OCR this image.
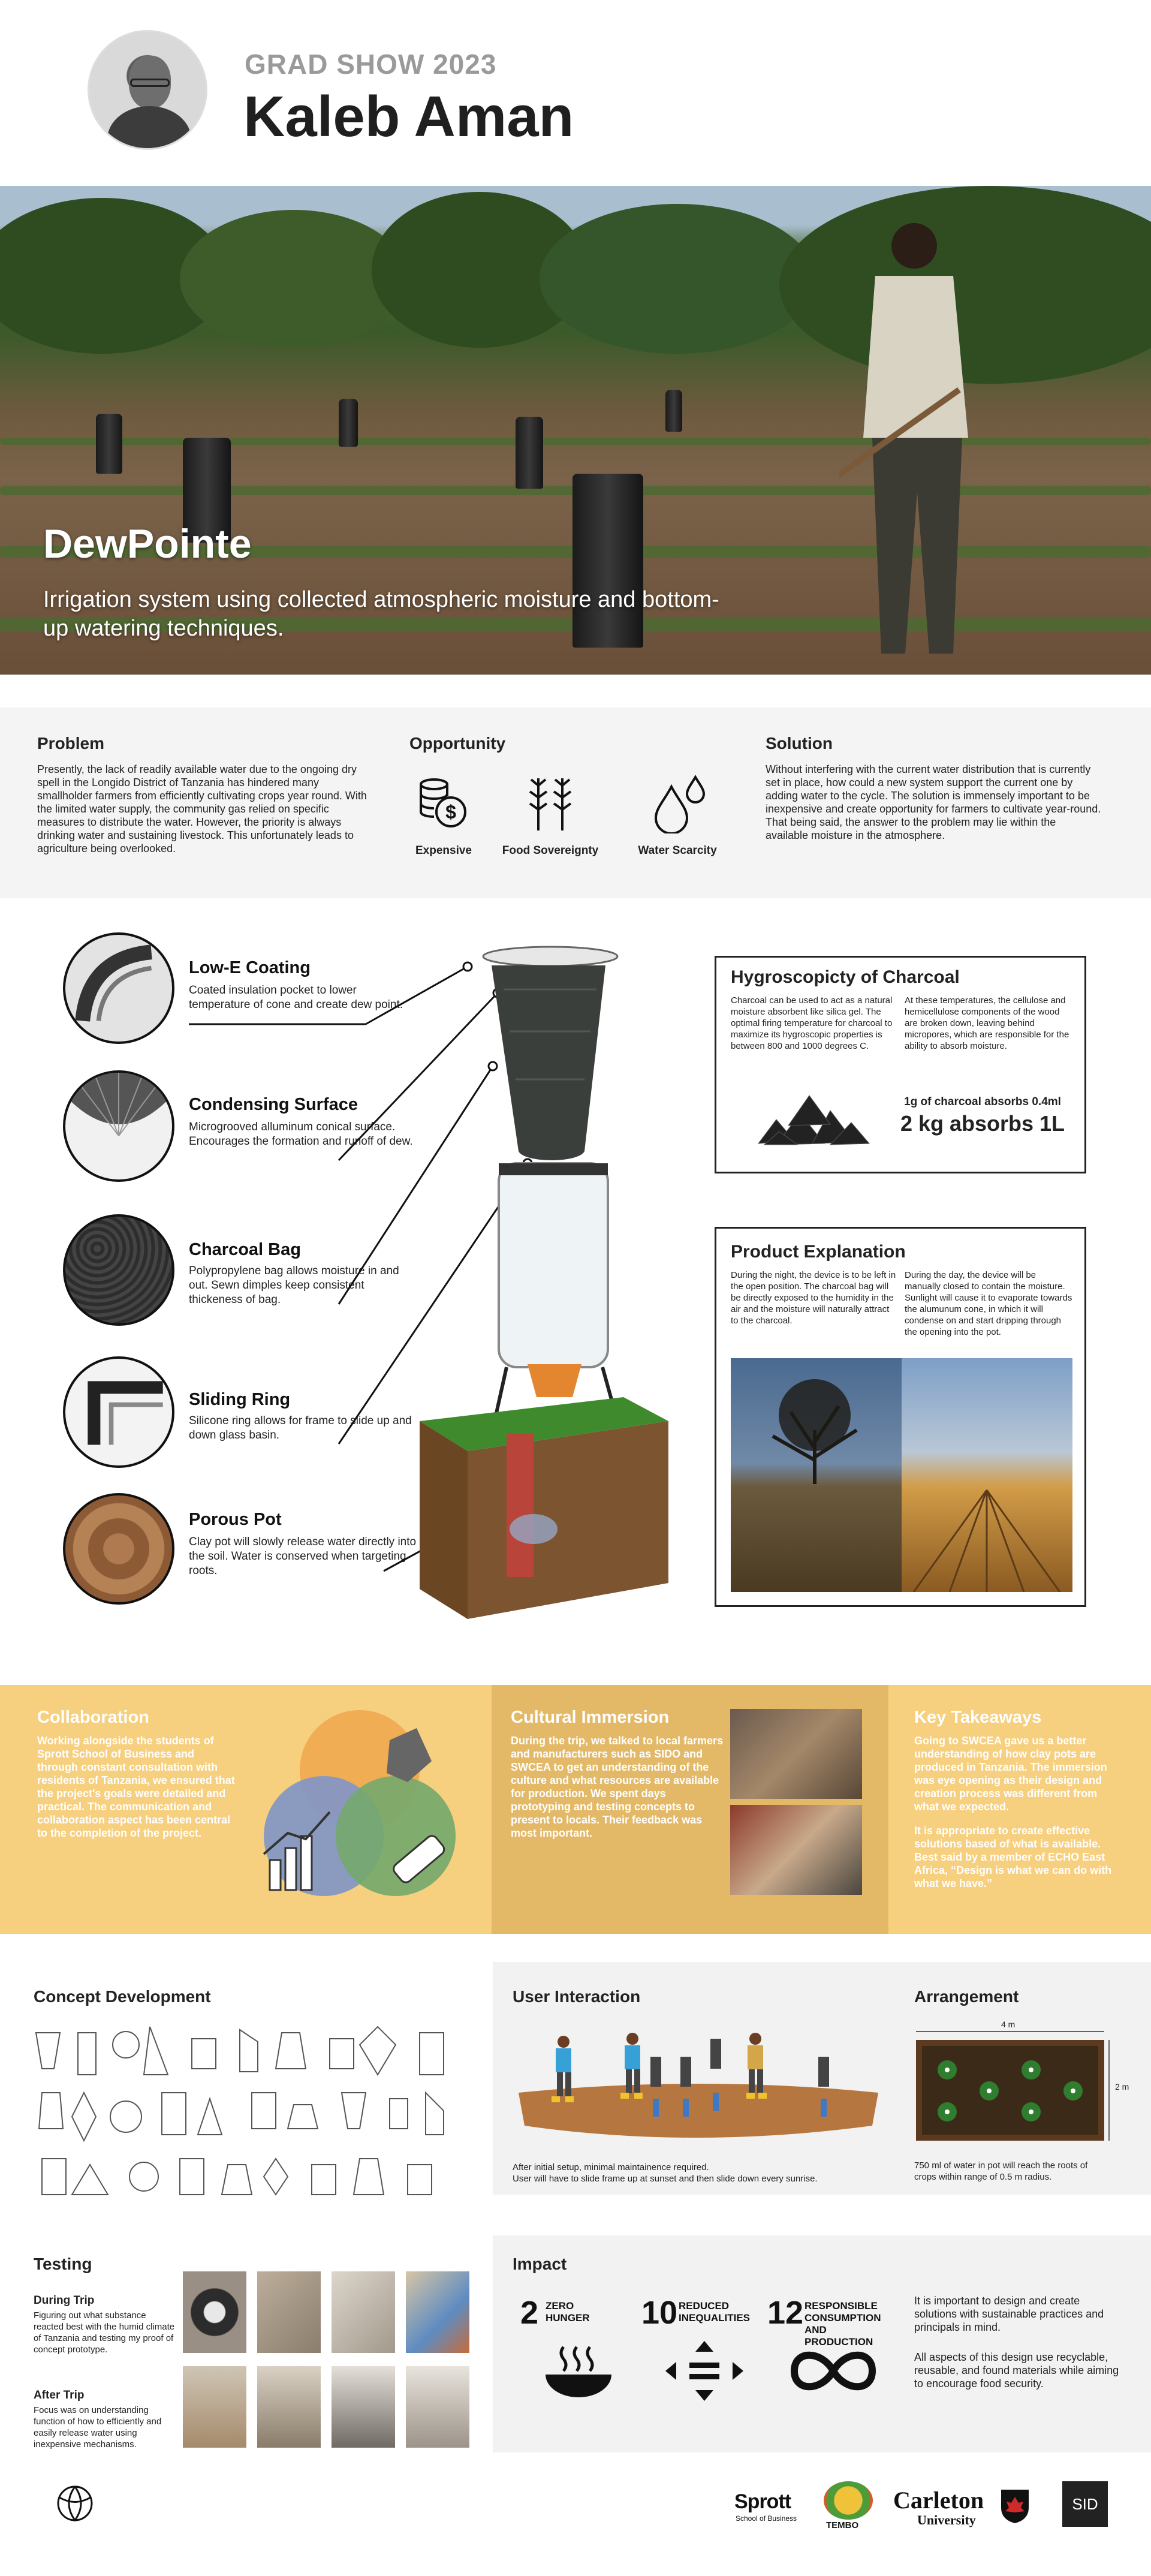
GRAD SHOW 2023
Kaleb Aman
DewPointe
Irrigation system using collected atmospheric moisture and bottom-up watering techniques.
Problem

Presently, the lack of readily available water due to the ongoing dry spell in the Longido District of Tanzania has hindered many smallholder farmers from efficiently cultivating crops year round. With the limited water supply, the community gas relied on specific measures to distribute the water. However, the priority is always drinking water and sustaining livestock. This unfortunately leads to agriculture being overlooked.

Opportunity
$
Expensive	Food Sovereignty	Water Scarcity
Solution

Without interfering with the current water distribution that is currently set in place, how could a new system support the current one by adding water to the cycle. The solution is immensely important to be inexpensive and create opportunity for farmers to cultivate year-round. That being said, the answer to the problem may lie within the available moisture in the atmosphere.

Low-E Coating
Coated insulation pocket to lower temperature of cone and create dew point.
Condensing Surface
Microgrooved alluminum conical surface. Encourages the formation and runoff of dew.
Charcoal Bag
Polypropylene bag allows moisture in and out. Sewn dimples keep consistent thickeness of bag.
Sliding Ring
Silicone ring allows for frame to slide up and down glass basin.
Porous Pot
Clay pot will slowly release water directly into the soil. Water is conserved when targeting roots.
Hygroscopicty of Charcoal

Charcoal can be used to act as a natural moisture absorbent like silica gel. The optimal firing temperature for charcoal to maximize its hygroscopic properties is between 800 and 1000 degrees C.

At these temperatures, the cellulose and hemicellulose components of the wood are broken down, leaving behind micropores, which are responsible for the ability to absorb moisture.

1g of charcoal absorbs 0.4ml
2 kg absorbs 1L
Product Explanation

During the night, the device is to be left in the open position. The charcoal bag will be directly exposed to the humidity in the air and the moisture will naturally attract to the charcoal.

During the day, the device will be manually closed to contain the moisture. Sunlight will cause it to evaporate towards the alumunum cone, in which it will condense on and start dripping through the opening into the pot.

Collaboration

Working alongside the students of Sprott School of Business and through constant consultation with residents of Tanzania, we ensured that the project's goals were detailed and practical. The communication and collaboration aspect has been central to the completion of the project.

Cultural Immersion

During the trip, we talked to local farmers and manufacturers such as SIDO and SWCEA to get an understanding of the culture and what resources are available for production. We spent days prototyping and testing concepts to present to locals. Their feedback was most important.

Key Takeaways

Going to SWCEA gave us a better understanding of how clay pots are produced in Tanzania. The immersion was eye opening as their design and creation process was different from what we expected.

It is appropriate to create effective solutions based of what is available. Best said by a member of ECHO East Africa, “Design is what we can do with what we have.”

Concept Development	User Interaction

After initial setup, minimal maintainence required.

User will have to slide frame up at sunset and then slide down every sunrise.

Arrangement
4 m
2 m

750 ml of water in pot will reach the roots of crops within range of 0.5 m radius.

Testing
During Trip

Figuring out what substance reacted best with the humid climate of Tanzania and testing my proof of concept prototype.

After Trip

Focus was on understanding function of how to efficiently and easily release water using inexpensive mechanisms.

Impact
2 ZERO HUNGER 10 REDUCED INEQUALITIES 12 RESPONSIBLE CONSUMPTION AND PRODUCTION

It is important to design and create solutions with sustainable practices and principals in mind.

All aspects of this design use recyclable, reusable, and found materials while aiming to encourage food security.

Sprott
School of Business
TEMBO
Carleton
University
SID
